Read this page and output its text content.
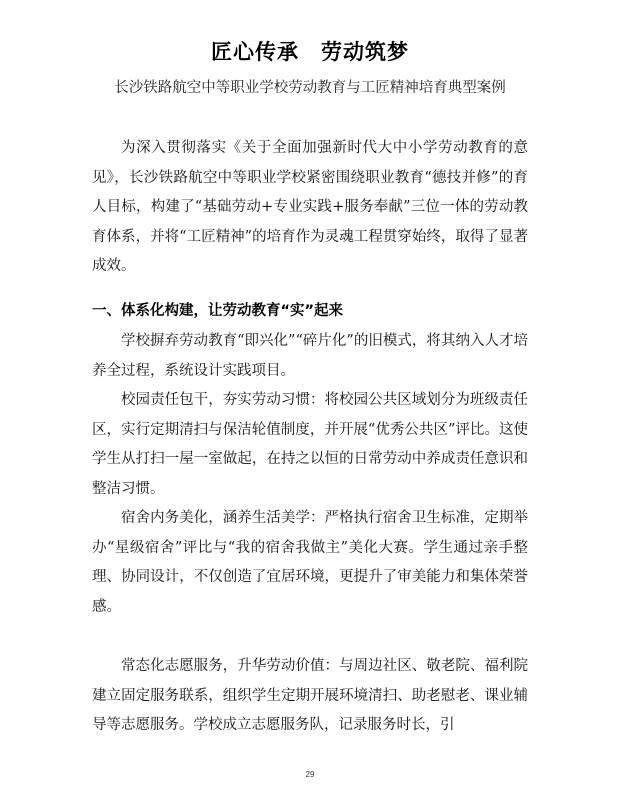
匠心传承　劳动筑梦
长沙铁路航空中等职业学校劳动教育与工匠精神培育典型案例

为深入贯彻落实《关于全面加强新时代大中小学劳动教育的意见》，长沙铁路航空中等职业学校紧密围绕职业教育“德技并修”的育人目标，构建了“基础劳动+专业实践+服务奉献”三位一体的劳动教育体系，并将“工匠精神”的培育作为灵魂工程贯穿始终，取得了显著成效。

一、体系化构建，让劳动教育“实”起来

学校摒弃劳动教育“即兴化”“碎片化”的旧模式，将其纳入人才培养全过程，系统设计实践项目。

校园责任包干，夯实劳动习惯：将校园公共区域划分为班级责任区，实行定期清扫与保洁轮值制度，并开展“优秀公共区”评比。这使学生从打扫一屋一室做起，在持之以恒的日常劳动中养成责任意识和整洁习惯。

宿舍内务美化，涵养生活美学：严格执行宿舍卫生标准，定期举办“星级宿舍”评比与“我的宿舍我做主”美化大赛。学生通过亲手整理、协同设计，不仅创造了宜居环境，更提升了审美能力和集体荣誉感。

常态化志愿服务，升华劳动价值：与周边社区、敬老院、福利院建立固定服务联系，组织学生定期开展环境清扫、助老慰老、课业辅导等志愿服务。学校成立志愿服务队，记录服务时长，引

29
